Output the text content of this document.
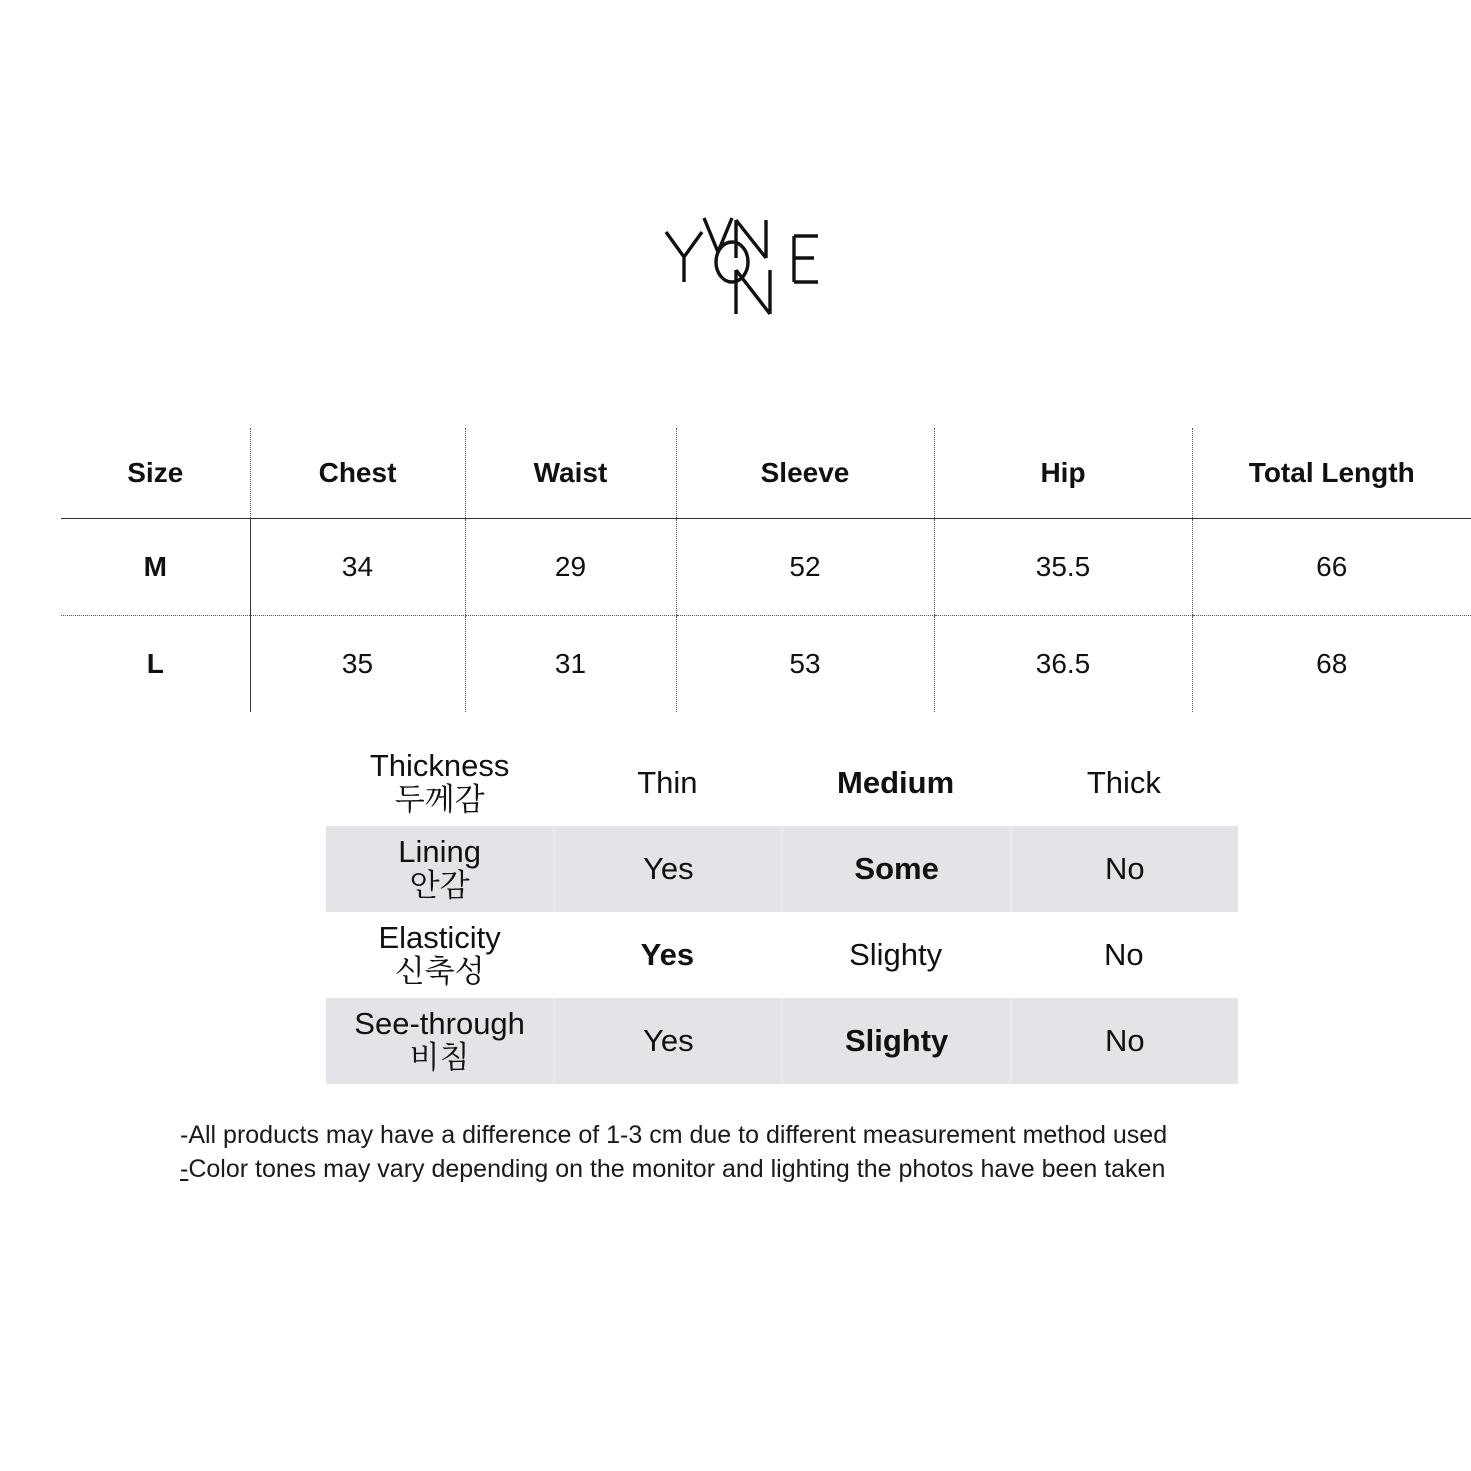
Size	Chest	Waist	Sleeve	Hip	Total Length
M	34	29	52	35.5	66
L	35	31	53	36.5	68
Thickness
두께감	Thin	Medium	Thick

Lining
안감	Yes	Some	No

Elasticity
신축성	Yes	Slighty	No

See-through
비침	Yes	Slighty	No

-All products may have a difference of 1-3 cm due to different measurement method used

-Color tones may vary depending on the monitor and lighting the photos have been taken
